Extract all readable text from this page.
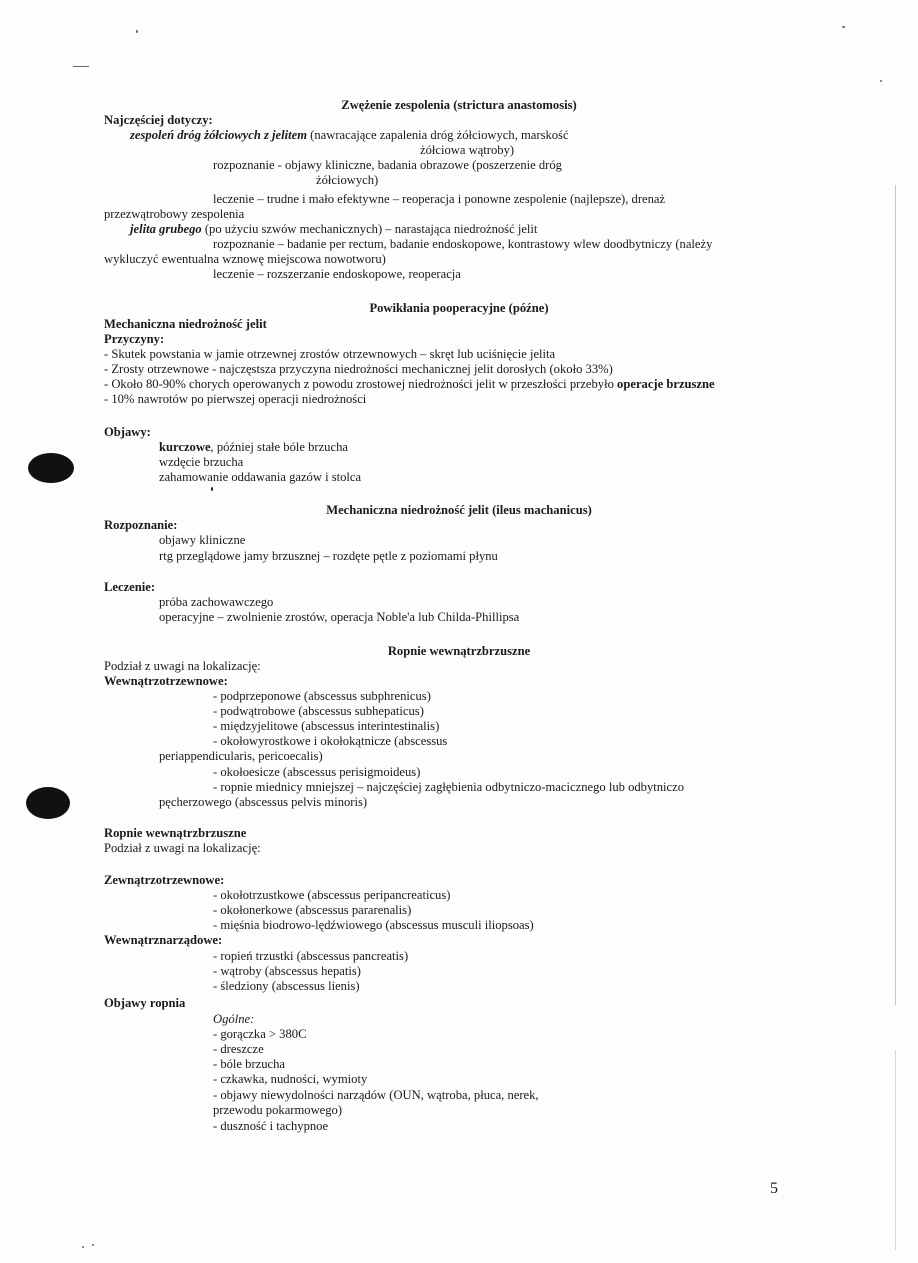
Zwężenie zespolenia (strictura anastomosis)
Najczęściej dotyczy:
zespoleń dróg żółciowych z jelitem (nawracające zapalenia dróg żółciowych, marskość
żółciowa wątroby)
rozpoznanie - objawy kliniczne, badania obrazowe (poszerzenie dróg
żółciowych)
leczenie – trudne i mało efektywne – reoperacja i ponowne zespolenie (najlepsze), drenaż
przezwątrobowy zespolenia
jelita grubego (po użyciu szwów mechanicznych) – narastająca niedrożność jelit
rozpoznanie – badanie per rectum, badanie endoskopowe, kontrastowy wlew doodbytniczy (należy
wykluczyć ewentualna wznowę miejscowa nowotworu)
leczenie – rozszerzanie endoskopowe, reoperacja
Powikłania pooperacyjne (późne)
Mechaniczna niedrożność jelit
Przyczyny:
- Skutek powstania w jamie otrzewnej zrostów otrzewnowych – skręt lub uciśnięcie jelita
- Zrosty otrzewnowe - najczęstsza przyczyna niedrożności mechanicznej jelit dorosłych (około 33%)
- Około 80-90% chorych operowanych z powodu zrostowej niedrożności jelit w przeszłości przebyło operacje brzuszne
- 10% nawrotów po pierwszej operacji niedrożności
Objawy:
kurczowe, później stałe bóle brzucha
wzdęcie brzucha
zahamowanie oddawania gazów i stolca
Mechaniczna niedrożność jelit (ileus machanicus)
Rozpoznanie:
objawy kliniczne
rtg przeglądowe jamy brzusznej – rozdęte pętle z poziomami płynu
Leczenie:
próba zachowawczego
operacyjne – zwolnienie zrostów, operacja Noble'a lub Childa-Phillipsa
Ropnie wewnątrzbrzuszne
Podział z uwagi na lokalizację:
Wewnątrzotrzewnowe:
- podprzeponowe (abscessus subphrenicus)
- podwątrobowe (abscessus subhepaticus)
- międzyjelitowe (abscessus interintestinalis)
- okołowyrostkowe i okołokątnicze (abscessus
periappendicularis, pericoecalis)
- okołoesicze (abscessus perisigmoideus)
- ropnie miednicy mniejszej – najczęściej zagłębienia odbytniczo-macicznego lub odbytniczo
pęcherzowego (abscessus pelvis minoris)
Ropnie wewnątrzbrzuszne
Podział z uwagi na lokalizację:
Zewnątrzotrzewnowe:
- okołotrzustkowe (abscessus peripancreaticus)
- okołonerkowe (abscessus pararenalis)
- mięśnia biodrowo-lędźwiowego (abscessus musculi iliopsoas)
Wewnątrznarządowe:
- ropień trzustki (abscessus pancreatis)
- wątroby (abscessus hepatis)
- śledziony (abscessus lienis)
Objawy ropnia
Ogólne:
- gorączka > 380C
- dreszcze
- bóle brzucha
- czkawka, nudności, wymioty
- objawy niewydolności narządów (OUN, wątroba, płuca, nerek,
przewodu pokarmowego)
- duszność i tachypnoe
5
